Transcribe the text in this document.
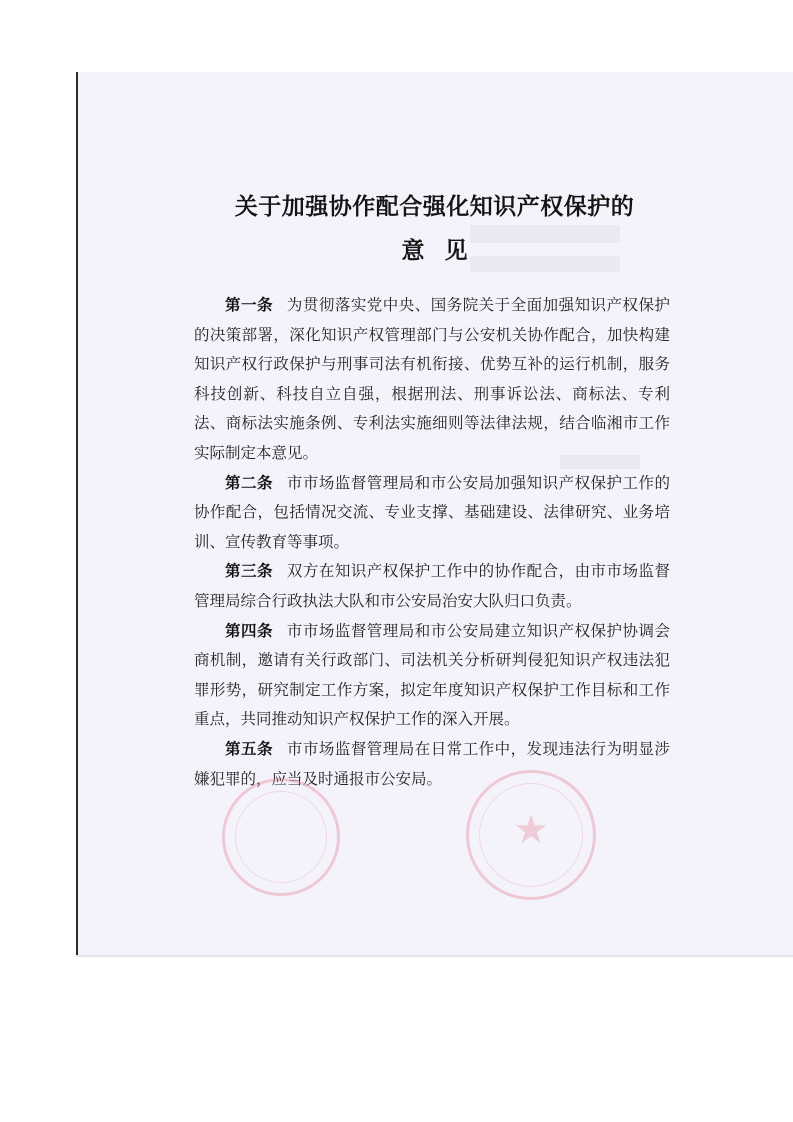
关于加强协作配合强化知识产权保护的
意见

第一条 为贯彻落实党中央、国务院关于全面加强知识产权保护的决策部署，深化知识产权管理部门与公安机关协作配合，加快构建知识产权行政保护与刑事司法有机衔接、优势互补的运行机制，服务科技创新、科技自立自强，根据刑法、刑事诉讼法、商标法、专利法、商标法实施条例、专利法实施细则等法律法规，结合临湘市工作实际制定本意见。

第二条 市市场监督管理局和市公安局加强知识产权保护工作的协作配合，包括情况交流、专业支撑、基础建设、法律研究、业务培训、宣传教育等事项。

第三条 双方在知识产权保护工作中的协作配合，由市市场监督管理局综合行政执法大队和市公安局治安大队归口负责。

第四条 市市场监督管理局和市公安局建立知识产权保护协调会商机制，邀请有关行政部门、司法机关分析研判侵犯知识产权违法犯罪形势，研究制定工作方案，拟定年度知识产权保护工作目标和工作重点，共同推动知识产权保护工作的深入开展。

第五条 市市场监督管理局在日常工作中，发现违法行为明显涉嫌犯罪的，应当及时通报市公安局。

★
